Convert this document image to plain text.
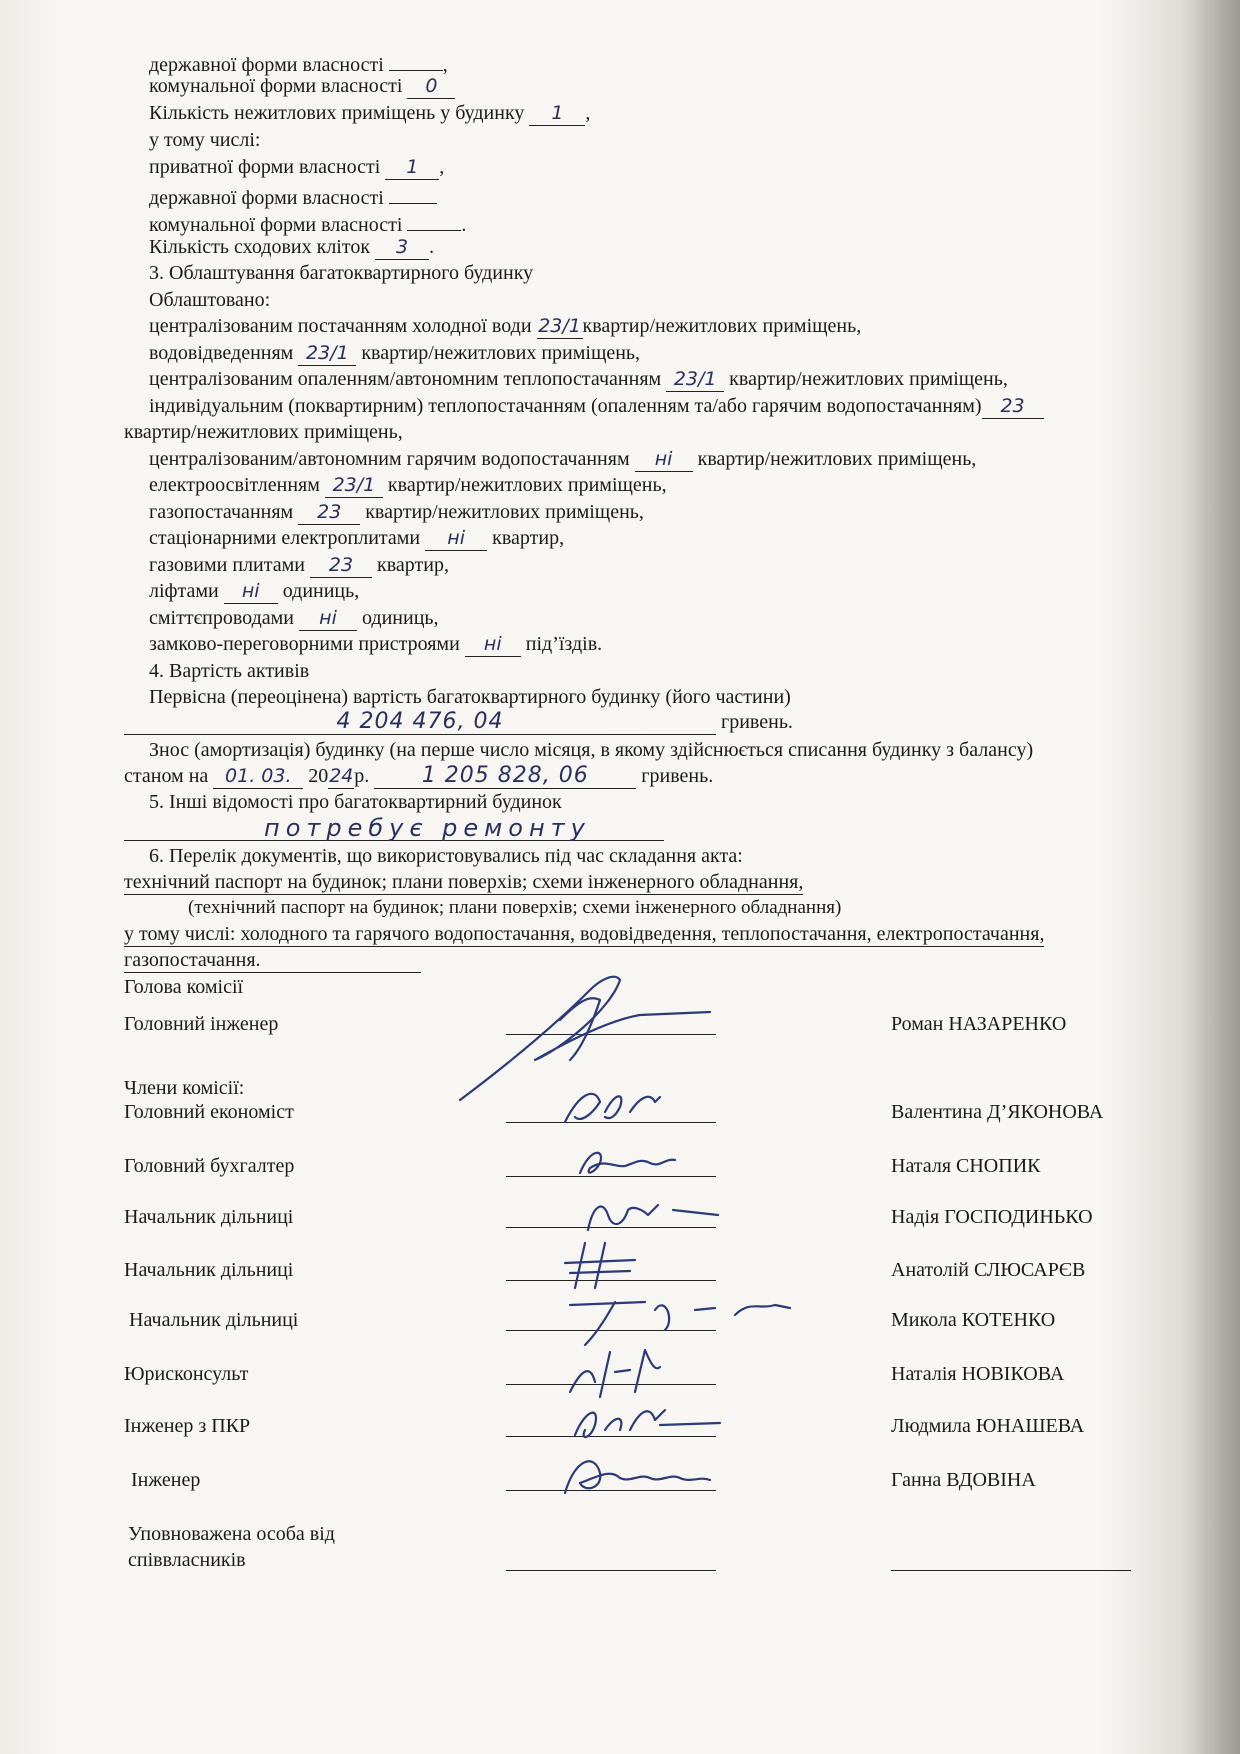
державної форми власності	,
комунальної форми власності 0
Кількість нежитлових приміщень у будинку 1 ,
у тому числі:
приватної форми власності 1 ,
державної форми власності
комунальної форми власності	.
Кількість сходових кліток 3 .
3. Облаштування багатоквартирного будинку
Облаштовано:
централізованим постачанням холодної води 23/1квартир/нежитлових приміщень,
водовідведенням 23/1 квартир/нежитлових приміщень,
централізованим опаленням/автономним теплопостачанням 23/1 квартир/нежитлових приміщень,
індивідуальним (поквартирним) теплопостачанням (опаленням та/або гарячим водопостачанням) 23
квартир/нежитлових приміщень,
централізованим/автономним гарячим водопостачанням ні квартир/нежитлових приміщень,
електроосвітленням 23/1 квартир/нежитлових приміщень,
газопостачанням 23 квартир/нежитлових приміщень,
стаціонарними електроплитами ні квартир,
газовими плитами 23 квартир,
ліфтами ні одиниць,
сміттєпроводами ні одиниць,
замково-переговорними пристроями ні під’їздів.
4. Вартість активів
Первісна (переоцінена) вартість багатоквартирного будинку (його частини)
4 204 476, 04	гривень.
Знос (амортизація) будинку (на перше число місяця, в якому здійснюється списання будинку з балансу)
станом на 01. 03. 2024р. 1 205 828, 06	гривень.
5. Інші відомості про багатоквартирний будинок
потребує ремонту
6. Перелік документів, що використовувались під час складання акта:
технічний паспорт на будинок; плани поверхів; схеми інженерного обладнання,
(технічний паспорт на будинок; плани поверхів; схеми інженерного обладнання)
у тому числі: холодного та гарячого водопостачання, водовідведення, теплопостачання, електропостачання,
газопостачання.
Голова комісії
Головний інженер	Роман НАЗАРЕНКО
Члени комісії:
Головний економіст	Валентина Д’ЯКОНОВА
Головний бухгалтер	Наталя СНОПИК
Начальник дільниці	Надія ГОСПОДИНЬКО
Начальник дільниці	Анатолій СЛЮСАРЄВ
Начальник дільниці	Микола КОТЕНКО
Юрисконсульт	Наталія НОВІКОВА
Інженер з ПКР	Людмила ЮНАШЕВА
Інженер	Ганна ВДОВІНА
Уповноважена особа від
співвласників
